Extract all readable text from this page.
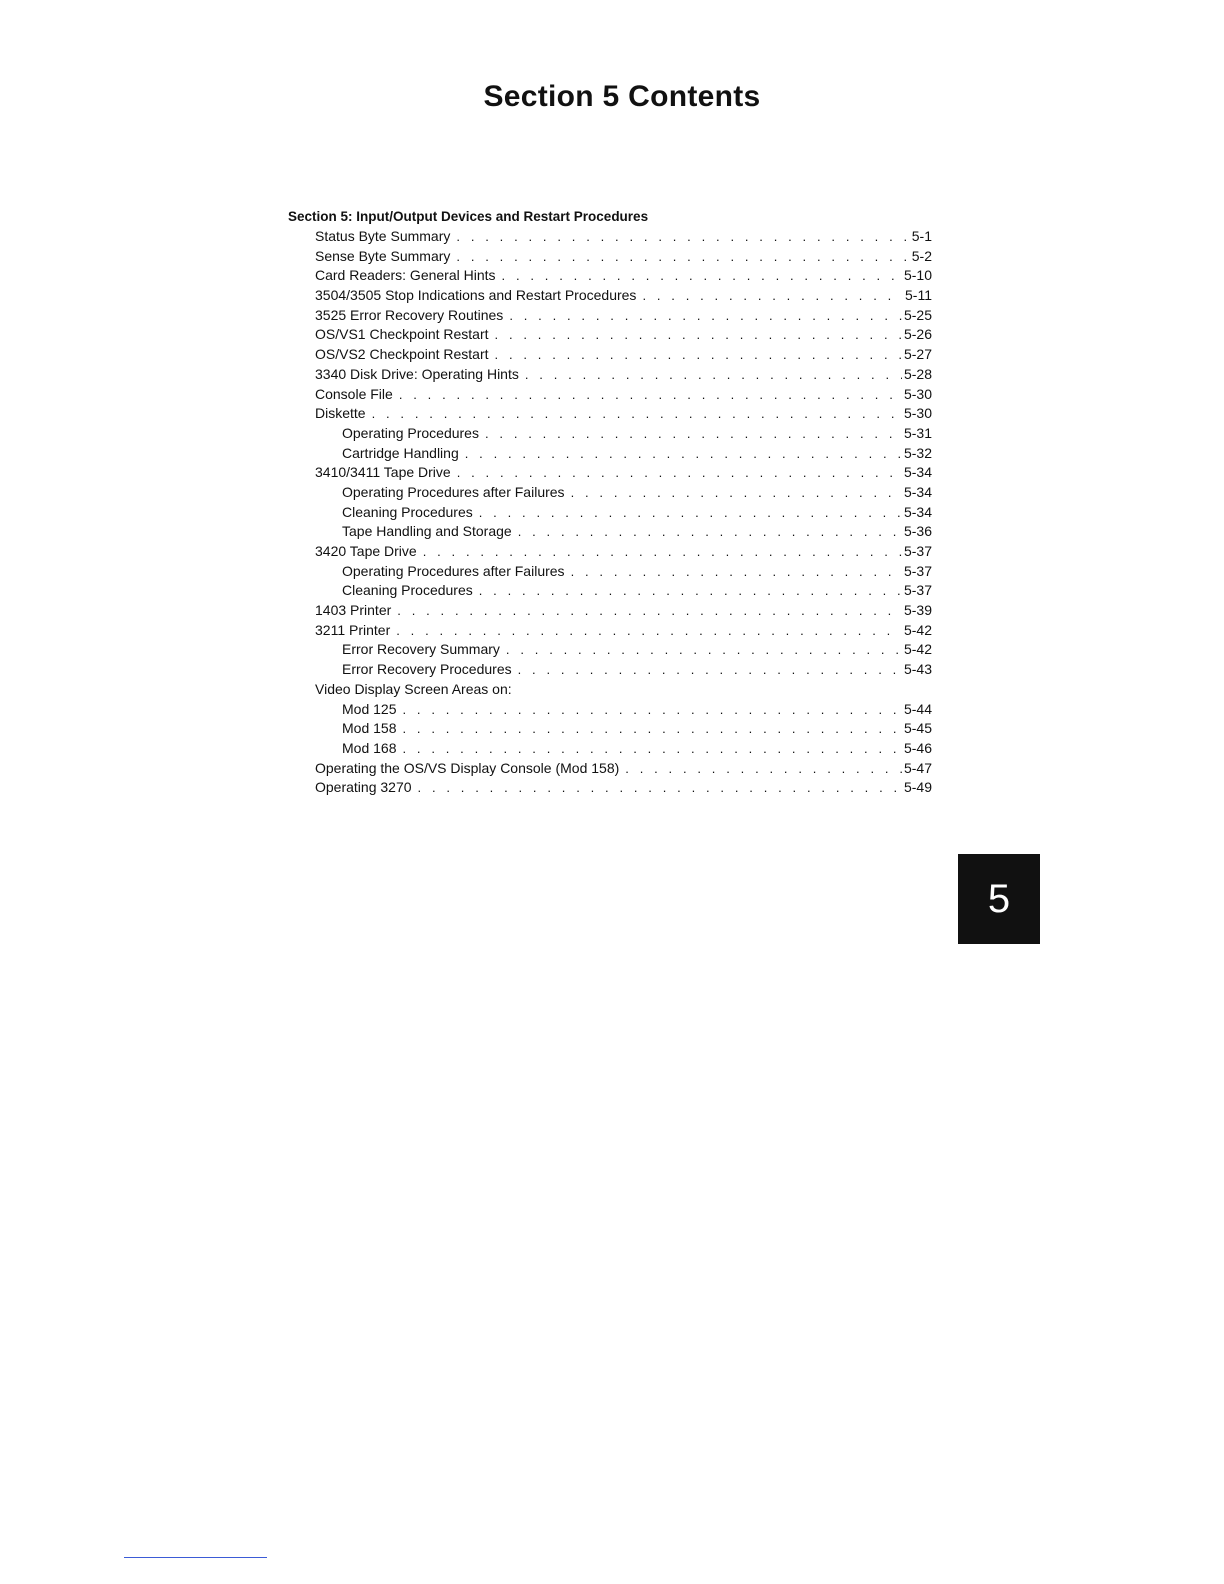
Section 5 Contents
Section 5: Input/Output Devices and Restart Procedures
Status Byte Summary . . .	5-1
Sense Byte Summary . . .	5-2
Card Readers: General Hints . . .	5-10
3504/3505 Stop Indications and Restart Procedures . . .	5-11
3525 Error Recovery Routines . . .	5-25
OS/VS1 Checkpoint Restart . . .	5-26
OS/VS2 Checkpoint Restart . . .	5-27
3340 Disk Drive: Operating Hints . . .	5-28
Console File . . .	5-30
Diskette . . .	5-30
Operating Procedures . . .	5-31
Cartridge Handling . . .	5-32
3410/3411 Tape Drive . . .	5-34
Operating Procedures after Failures . . .	5-34
Cleaning Procedures . . .	5-34
Tape Handling and Storage . . .	5-36
3420 Tape Drive . . .	5-37
Operating Procedures after Failures . . .	5-37
Cleaning Procedures . . .	5-37
1403 Printer . . .	5-39
3211 Printer . . .	5-42
Error Recovery Summary . . .	5-42
Error Recovery Procedures . . .	5-43
Video Display Screen Areas on:
Mod 125 . . .	5-44
Mod 158 . . .	5-45
Mod 168 . . .	5-46
Operating the OS/VS Display Console (Mod 158) . . .	5-47
Operating 3270 . . .	5-49
5
